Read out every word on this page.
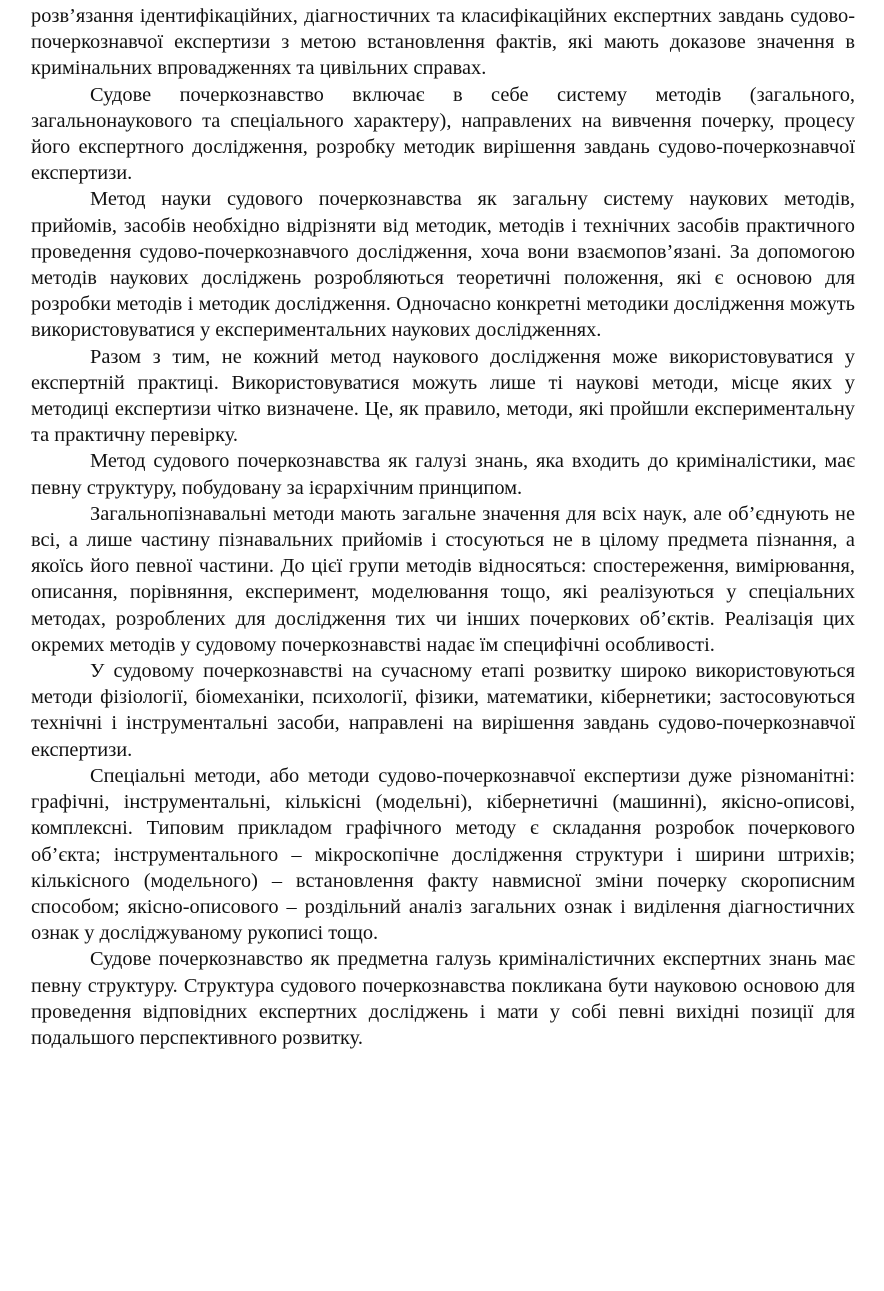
розв’язання ідентифікаційних, діагностичних та класифікаційних експертних завдань судово-почеркознавчої експертизи з метою встановлення фактів, які мають доказове значення в кримінальних впровадженнях та цивільних справах.

Судове почеркознавство включає в себе систему методів (загального, загальнонаукового та спеціального характеру), направлених на вивчення почерку, процесу його експертного дослідження, розробку методик вирішення завдань судово-почеркознавчої експертизи.

Метод науки судового почеркознавства як загальну систему наукових методів, прийомів, засобів необхідно відрізняти від методик, методів і технічних засобів практичного проведення судово-почеркознавчого дослідження, хоча вони взаємопов’язані. За допомогою методів наукових досліджень розробляються теоретичні положення, які є основою для розробки методів і методик дослідження. Одночасно конкретні методики дослідження можуть використовуватися у експериментальних наукових дослідженнях.

Разом з тим, не кожний метод наукового дослідження може використовуватися у експертній практиці. Використовуватися можуть лише ті наукові методи, місце яких у методиці експертизи чітко визначене. Це, як правило, методи, які пройшли експериментальну та практичну перевірку.

Метод судового почеркознавства як галузі знань, яка входить до криміналістики, має певну структуру, побудовану за ієрархічним принципом.

Загальнопізнавальні методи мають загальне значення для всіх наук, але об’єднують не всі, а лише частину пізнавальних прийомів і стосуються не в цілому предмета пізнання, а якоїсь його певної частини. До цієї групи методів відносяться: спостереження, вимірювання, описання, порівняння, експеримент, моделювання тощо, які реалізуються у спеціальних методах, розроблених для дослідження тих чи інших почеркових об’єктів. Реалізація цих окремих методів у судовому почеркознавстві надає їм специфічні особливості.

У судовому почеркознавстві на сучасному етапі розвитку широко використовуються методи фізіології, біомеханіки, психології, фізики, математики, кібернетики; застосовуються технічні і інструментальні засоби, направлені на вирішення завдань судово-почеркознавчої експертизи.

Спеціальні методи, або методи судово-почеркознавчої експертизи дуже різноманітні: графічні, інструментальні, кількісні (модельні), кібернетичні (машинні), якісно-описові, комплексні. Типовим прикладом графічного методу є складання розробок почеркового об’єкта; інструментального – мікроскопічне дослідження структури і ширини штрихів; кількісного (модельного) – встановлення факту навмисної зміни почерку скорописним способом; якісно-описового – роздільний аналіз загальних ознак і виділення діагностичних ознак у досліджуваному рукописі тощо.

Судове почеркознавство як предметна галузь криміналістичних експертних знань має певну структуру. Структура судового почеркознавства покликана бути науковою основою для проведення відповідних експертних досліджень і мати у собі певні вихідні позиції для подальшого перспективного розвитку.
